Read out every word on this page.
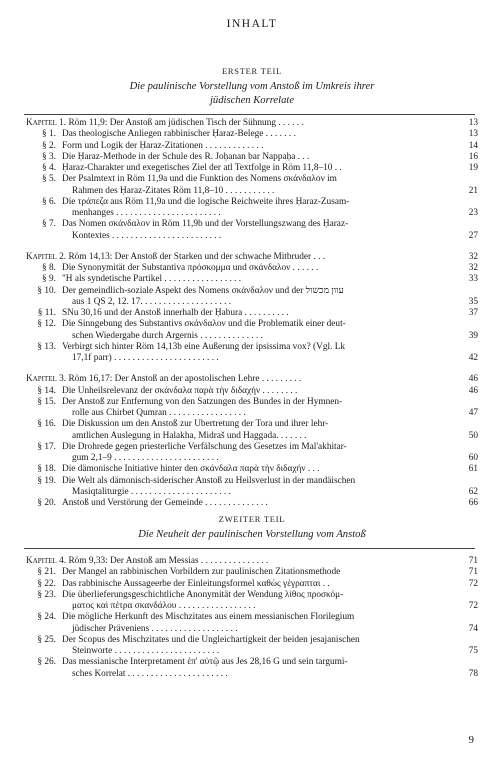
INHALT
ERSTER TEIL
Die paulinische Vorstellung vom Anstoß im Umkreis ihrer
jüdischen Korrelate
ZWEITER TEIL
Die Neuheit der paulinischen Vorstellung vom Anstoß
Kapitel 1. Röm 11,9: Der Anstoß am jüdischen Tisch der Sühnung . . . . . .	13
§ 1. Das theologische Anliegen rabbinischer Ḥaraz-Belege . . . . . . .	13
§ 2. Form und Logik der Ḥaraz-Zitationen . . . . . . . . . . . . .	14
§ 3. Die Ḥaraz-Methode in der Schule des R. Joḥanan bar Nappaḥa . . .	16
§ 4. Ḥaraz-Charakter und exegetisches Ziel der atl Textfolge in Röm 11,8–10 . .	19
§ 5. Der Psalmtext in Röm 11,9a und die Funktion des Nomens σκάνδαλον im
Rahmen des Ḥaraz-Zitates Röm 11,8–10 . . . . . . . . . . .	21
§ 6. Die τράπεζα aus Röm 11,9a und die logische Reichweite ihres Ḥaraz-Zusam-
menhanges . . . . . . . . . . . . . . . . . . . . . . .	23
§ 7. Das Nomen σκάνδαλον in Röm 11,9b und der Vorstellungszwang des Ḥaraz-
Kontextes . . . . . . . . . . . . . . . . . . . . . . . .	27
Kapitel 2. Röm 14,13: Der Anstoß der Starken und der schwache Mitbruder . . .	32
§ 8. Die Synonymität der Substantiva πρόσκομμα und σκάνδαλον . . . . . .	32
§ 9. "H als syndetische Partikel . . . . . . . . . . . . . . . . .	33
§ 10. Der gemeindlich-soziale Aspekt des Nomens σκάνδαλον und der עוון מכשול
aus 1 QS 2, 12. 17. . . . . . . . . . . . . . . . . . . .	35
§ 11. SNu 30,16 und der Anstoß innerhalb der Ḥabura . . . . . . . . . .	37
§ 12. Die Sinngebung des Substantivs σκάνδαλον und die Problematik einer deut-
schen Wiedergabe durch Ärgernis . . . . . . . . . . . . . .	39
§ 13. Verbirgt sich hinter Röm 14,13b eine Äußerung der ipsissima vox? (Vgl. Lk
17,1f parr) . . . . . . . . . . . . . . . . . . . . . . .	42
Kapitel 3. Röm 16,17: Der Anstoß an der apostolischen Lehre . . . . . . . . .	46
§ 14. Die Unheilsrelevanz der σκάνδαλα παρὰ τὴν διδαχήν . . . . . . . .	46
§ 15. Der Anstoß zur Entfernung von den Satzungen des Bundes in der Hymnen-
rolle aus Chirbet Qumran . . . . . . . . . . . . . . . . .	47
§ 16. Die Diskussion um den Anstoß zur Übertretung der Tora und ihrer lehr-
amtlichen Auslegung in Halakha, Midraš und Haggada. . . . . . .	50
§ 17. Die Drohrede gegen priesterliche Verfälschung des Gesetzes im Mal'akhitar-
gum 2,1–9 . . . . . . . . . . . . . . . . . . . . . . .	60
§ 18. Die dämonische Initiative hinter den σκάνδαλα παρὰ τὴν διδαχήν . . .	61
§ 19. Die Welt als dämonisch-siderischer Anstoß zu Heilsverlust in der mandäischen
Masiqtaliturgie . . . . . . . . . . . . . . . . . . . . . .	62
§ 20. Anstoß und Verstörung der Gemeinde . . . . . . . . . . . . . .	66
Kapitel 4. Röm 9,33: Der Anstoß am Messias . . . . . . . . . . . . . . .	71
§ 21. Der Mangel an rabbinischen Vorbildern zur paulinischen Zitationsmethode	71
§ 22. Das rabbinische Aussageerbe der Einleitungsformel καθὼς γέγραπται . .	72
§ 23. Die überlieferungsgeschichtliche Anonymität der Wendung λίθος προσκόμ-
ματος καὶ πέτρα σκανδάλου . . . . . . . . . . . . . . . . .	72
§ 24. Die mögliche Herkunft des Mischzitates aus einem messianischen Florilegium
jüdischer Präveniens . . . . . . . . . . . . . . . . . . .	74
§ 25. Der Scopus des Mischzitates und die Ungleichartigkeit der beiden jesajanischen
Steinworte . . . . . . . . . . . . . . . . . . . . . . .	75
§ 26. Das messianische Interpretament ἐπ' αὐτῷ aus Jes 28,16 G und sein targumi-
sches Korrelat . . . . . . . . . . . . . . . . . . . . . .	78
9
